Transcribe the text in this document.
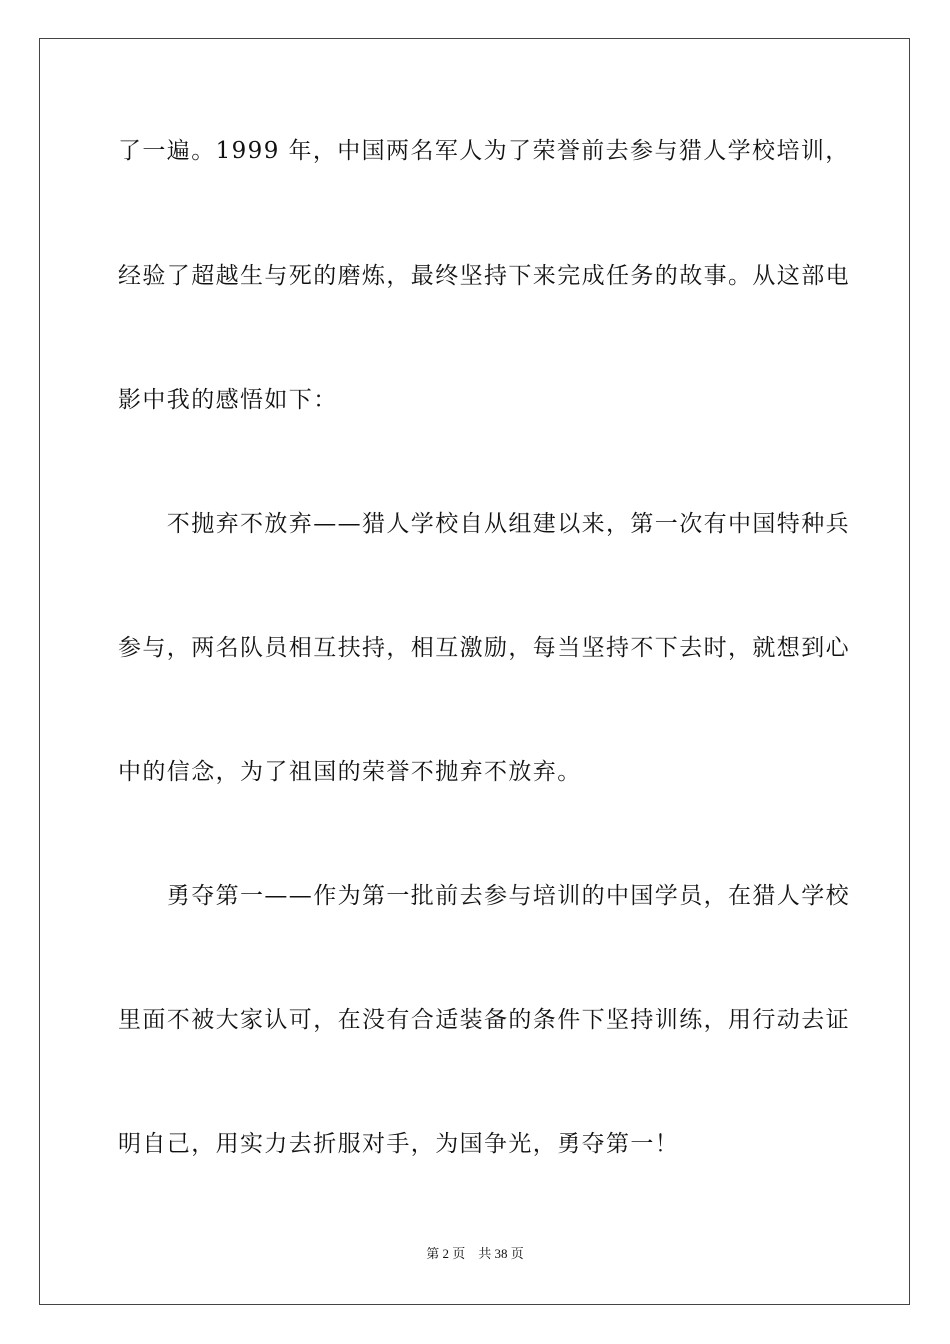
了一遍。1999 年，中国两名军人为了荣誉前去参与猎人学校培训，
经验了超越生与死的磨炼，最终坚持下来完成任务的故事。从这部电
影中我的感悟如下：
　　不抛弃不放弃——猎人学校自从组建以来，第一次有中国特种兵
参与，两名队员相互扶持，相互激励，每当坚持不下去时，就想到心
中的信念，为了祖国的荣誉不抛弃不放弃。
　　勇夺第一——作为第一批前去参与培训的中国学员，在猎人学校
里面不被大家认可，在没有合适装备的条件下坚持训练，用行动去证
明自己，用实力去折服对手，为国争光，勇夺第一！
第 2 页　共 38 页
